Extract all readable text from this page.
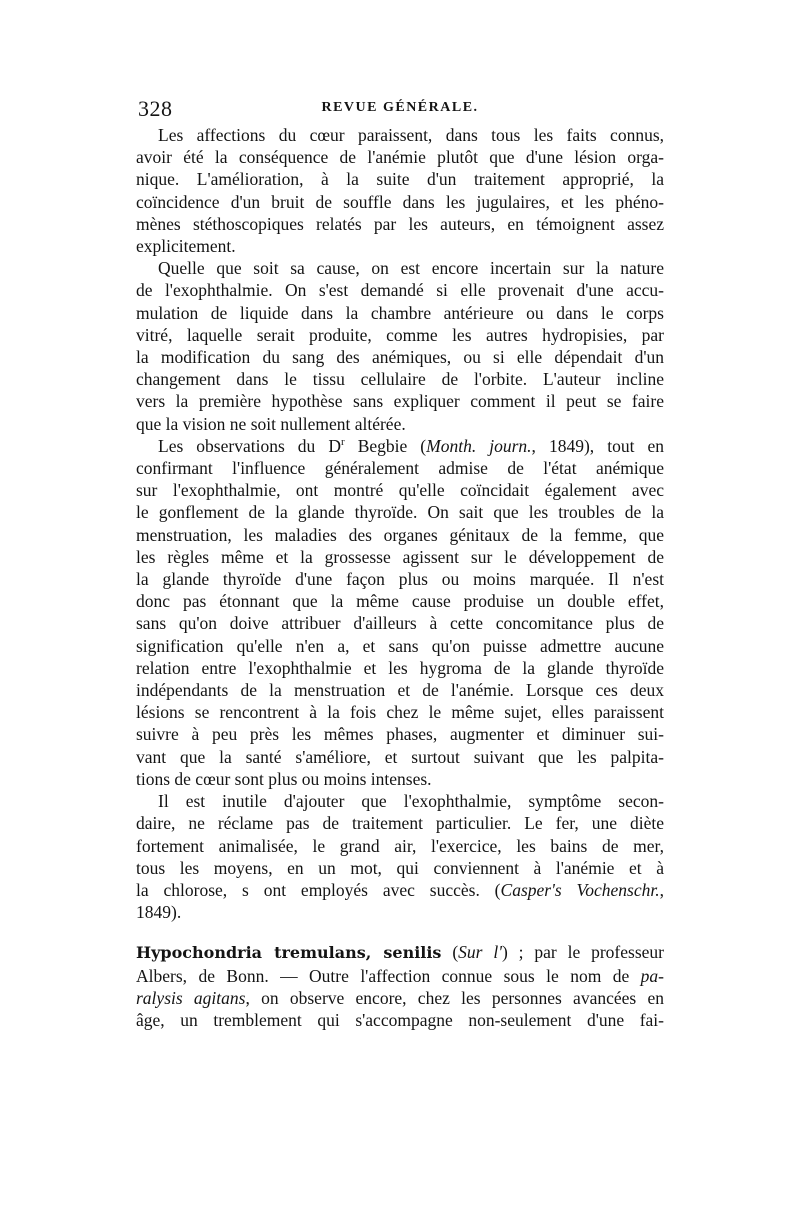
328	REVUE GÉNÉRALE.
Les affections du cœur paraissent, dans tous les faits connus,
avoir été la conséquence de l'anémie plutôt que d'une lésion orga-
nique. L'amélioration, à la suite d'un traitement approprié, la
coïncidence d'un bruit de souffle dans les jugulaires, et les phéno-
mènes stéthoscopiques relatés par les auteurs, en témoignent assez
explicitement.
Quelle que soit sa cause, on est encore incertain sur la nature
de l'exophthalmie. On s'est demandé si elle provenait d'une accu-
mulation de liquide dans la chambre antérieure ou dans le corps
vitré, laquelle serait produite, comme les autres hydropisies, par
la modification du sang des anémiques, ou si elle dépendait d'un
changement dans le tissu cellulaire de l'orbite. L'auteur incline
vers la première hypothèse sans expliquer comment il peut se faire
que la vision ne soit nullement altérée.
Les observations du $D^r$ Begbie (Month. journ., 1849), tout en
confirmant l'influence généralement admise de l'état anémique
sur l'exophthalmie, ont montré qu'elle coïncidait également avec
le gonflement de la glande thyroïde. On sait que les troubles de la
menstruation, les maladies des organes génitaux de la femme, que
les règles même et la grossesse agissent sur le développement de
la glande thyroïde d'une façon plus ou moins marquée. Il n'est
donc pas étonnant que la même cause produise un double effet,
sans qu'on doive attribuer d'ailleurs à cette concomitance plus de
signification qu'elle n'en a, et sans qu'on puisse admettre aucune
relation entre l'exophthalmie et les hygroma de la glande thyroïde
indépendants de la menstruation et de l'anémie. Lorsque ces deux
lésions se rencontrent à la fois chez le même sujet, elles paraissent
suivre à peu près les mêmes phases, augmenter et diminuer sui-
vant que la santé s'améliore, et surtout suivant que les palpita-
tions de cœur sont plus ou moins intenses.
Il est inutile d'ajouter que l'exophthalmie, symptôme secon-
daire, ne réclame pas de traitement particulier. Le fer, une diète
fortement animalisée, le grand air, l'exercice, les bains de mer,
tous les moyens, en un mot, qui conviennent à l'anémie et à
la chlorose, s ont employés avec succès. (Casper's Vochenschr.,
1849).
Hypochondria tremulans, senilis (Sur l') ; par le professeur
Albers, de Bonn. — Outre l'affection connue sous le nom de pa-
ralysis agitans, on observe encore, chez les personnes avancées en
âge, un tremblement qui s'accompagne non-seulement d'une fai-
